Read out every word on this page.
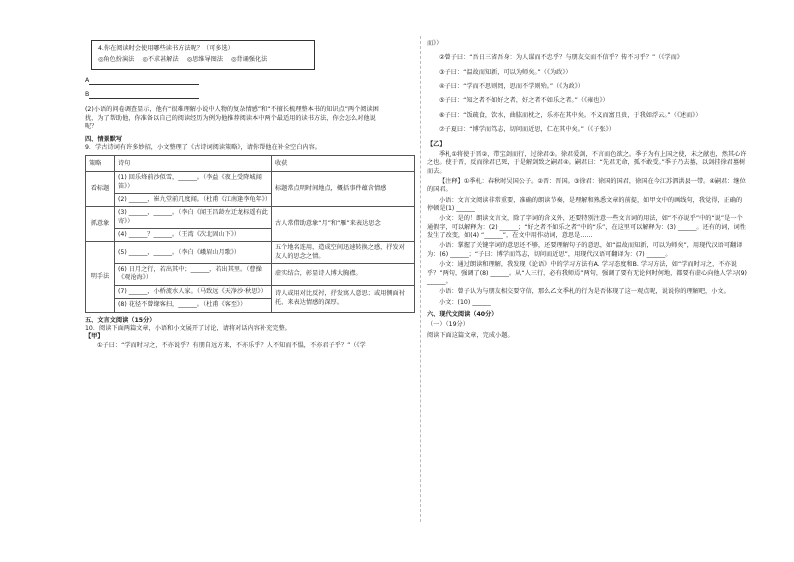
4.你在阅读时会使用哪些读书方法呢？（可多选）
◎角色扮演法 ◎不求甚解法 ◎思维导图法 ◎背诵强化法
A
B
(2)小语的问卷调查显示，他有“很难理解小说中人物的复杂情感”和“不擅长梳理整本书的知识点”两个阅读困
扰，为了帮助他，你准备以自己的阅读经历为例为他推荐阅读本中两个最适用的读书方法，你会怎么对他说
呢？
四、情景默写
9．学古诗词有许多妙招，小文整理了《古诗词阅读策略》，请你帮他在补全空白内容。
策略	诗句	收获
看标题	(1) 回乐烽前沙似雪，______。（李益《夜上受降城闻笛》）	标题常点明时间地点，概括事件蕴含情感
	(2) ______，崔九堂前几度闻。（杜甫《江南逢李龟年》）	
抓意象	(3) ______，______。（李白《闻王昌龄左迁龙标遥有此寄》）	古人常借助意象“月”和“雁”来表达思念
	(4) ______？______。（王湾《次北固山下》）	
明手法	(5) ______，______。（李白《峨眉山月歌》）	五个地名连用，造成空间迅速转换之感，抒发对友人的思念之情。
	(6) 日月之行，若出其中；______，若出其里。（曹操《观沧海》）	虚实结合，彰显诗人博大胸襟。
	(7) ______，小桥流水人家。（马致远《天净沙·秋思》）	诗人或用对比反衬，抒发寓人意思；或用侧面衬托，来表达情感的深厚。
	(8) 花径不曾缘客扫，______。（杜甫《客至》）	
五、文言文阅读（15分）
10．阅读下面两篇文章，小语和小文展开了讨论，请将对话内容补充完整。
【甲】
①子曰：“学而时习之，不亦说乎？有朋自远方来，不亦乐乎？人不知而不愠，不亦君子乎？”（《学
而》）
②曾子曰：“吾日三省吾身：为人谋而不忠乎？与朋友交而不信乎？传不习乎？”（《学而》
③子曰：“温故而知新，可以为师矣。”（《为政》）
④子曰：“学而不思则罔，思而不学则殆。”（《为政》）
⑤子曰：“知之者不如好之者，好之者不如乐之者。”（《雍也》）
⑥子曰：“饭疏食，饮水，曲肱而枕之，乐亦在其中矣。不义而富且贵，于我如浮云。”（《述而》）
⑦子夏曰：“博学而笃志，切问而近思，仁在其中矣。”（《子张》）
【乙】
季札①将使于晋②，带宝剑而行，过徐君③。徐君爱剑，不言而色欲之。季子为有上国之使，未之献也，然其心许之也。使于晋，反而徐君已死，于是解剑致之嗣君④。嗣君曰：“先君无命，孤不敢受。”季子乃去墓，以剑挂徐君墓树而去。
【注释】①季札：春秋时吴国公子。②晋：晋国。③徐君：徐国的国君，徐国在今江苏泗洪县一带。④嗣君：继位的国君。
小语：文言文阅读非常重要，准确的朗读节奏，是理解和熟悉文章的前提，如甲文中的画线句，我觉得，正确的停顿是(1) ______
小文：是的！朗读文言文，除了字词的含义外，还要特别注意一些文言词的用法，如“不亦说乎”中的“说”是一个通假字，可以解释为：(2) ______；“好之者不如乐之者”中的“乐”，在这里可以解释为：(3) ______。还有的词，词性发生了改变，如(4) “______”，在文中用作动词，意思是……
小语：掌握了关键字词的意思还不够，还要理解句子的意思，如“温故而知新，可以为师矣”，用现代汉语可翻译为：(6) ______；“子曰：博学而笃志，切问而近思”，用现代汉语可翻译为：(7) ______。
小文：通过朗读和理解，我发现《论语》中的学习方法有A. 学习态度和B. 学习方法，如“学而时习之，不亦说乎？”两句，强调了(8) ______。从“人三行，必有我师焉”两句，强调了要有无论何时何地，都要有虚心向他人学习(9) ______。
小语：曾子认为与朋友相交要守信，那么乙文季札的行为是否体现了这一观点呢，说说你的理解吧，小文。
小文：(10) ______
六、现代文阅读（40分）
（一）（19分）
阅读下面这篇文章，完成小题。
